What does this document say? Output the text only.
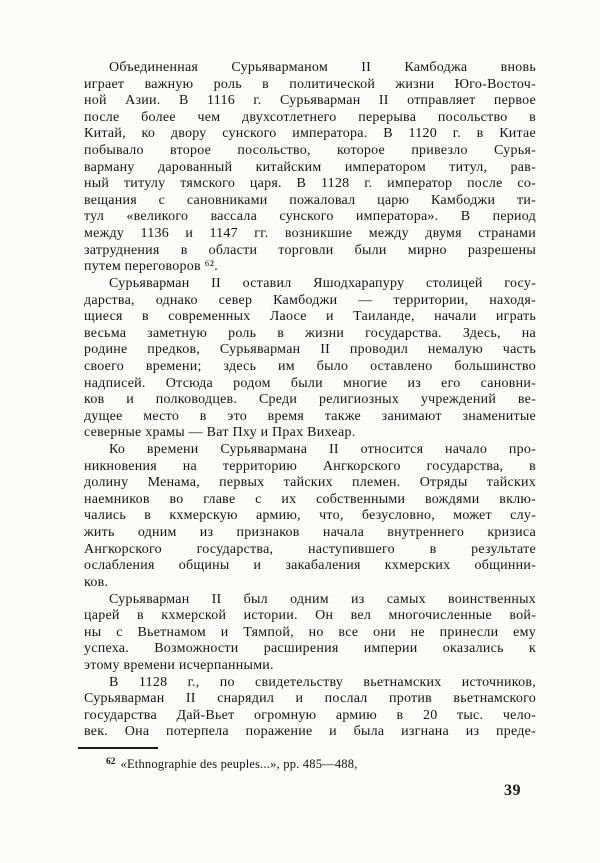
Объединенная Сурьяварманом II Камбоджа вновь
играет важную роль в политической жизни Юго-Восточ-
ной Азии. В 1116 г. Сурьяварман II отправляет первое
после более чем двухсотлетнего перерыва посольство в
Китай, ко двору сунского императора. В 1120 г. в Китае
побывало второе посольство, которое привезло Сурья-
варману дарованный китайским императором титул, рав-
ный титулу тямского царя. В 1128 г. император после со-
вещания с сановниками пожаловал царю Камбоджи ти-
тул «великого вассала сунского императора». В период
между 1136 и 1147 гг. возникшие между двумя странами
затруднения в области торговли были мирно разрешены
путем переговоров ⁶².
Сурьяварман II оставил Яшодхарапуру столицей госу-
дарства, однако север Камбоджи — территории, находя-
щиеся в современных Лаосе и Таиланде, начали играть
весьма заметную роль в жизни государства. Здесь, на
родине предков, Сурьяварман II проводил немалую часть
своего времени; здесь им было оставлено большинство
надписей. Отсюда родом были многие из его сановни-
ков и полководцев. Среди религиозных учреждений ве-
дущее место в это время также занимают знаменитые
северные храмы — Ват Пху и Прах Вихеар.
Ко времени Сурьявармана II относится начало про-
никновения на территорию Ангкорского государства, в
долину Менама, первых тайских племен. Отряды тайских
наемников во главе с их собственными вождями вклю-
чались в кхмерскую армию, что, безусловно, может слу-
жить одним из признаков начала внутреннего кризиса
Ангкорского государства, наступившего в результате
ослабления общины и закабаления кхмерских общинни-
ков.
Сурьяварман II был одним из самых воинственных
царей в кхмерской истории. Он вел многочисленные вой-
ны с Вьетнамом и Тямпой, но все они не принесли ему
успеха. Возможности расширения империи оказались к
этому времени исчерпанными.
В 1128 г., по свидетельству вьетнамских источников,
Сурьяварман II снарядил и послал против вьетнамского
государства Дай-Вьет огромную армию в 20 тыс. чело-
век. Она потерпела поражение и была изгнана из преде-
$^{62}$ «Ethnographie des peuples...», pp. 485—488,
39
